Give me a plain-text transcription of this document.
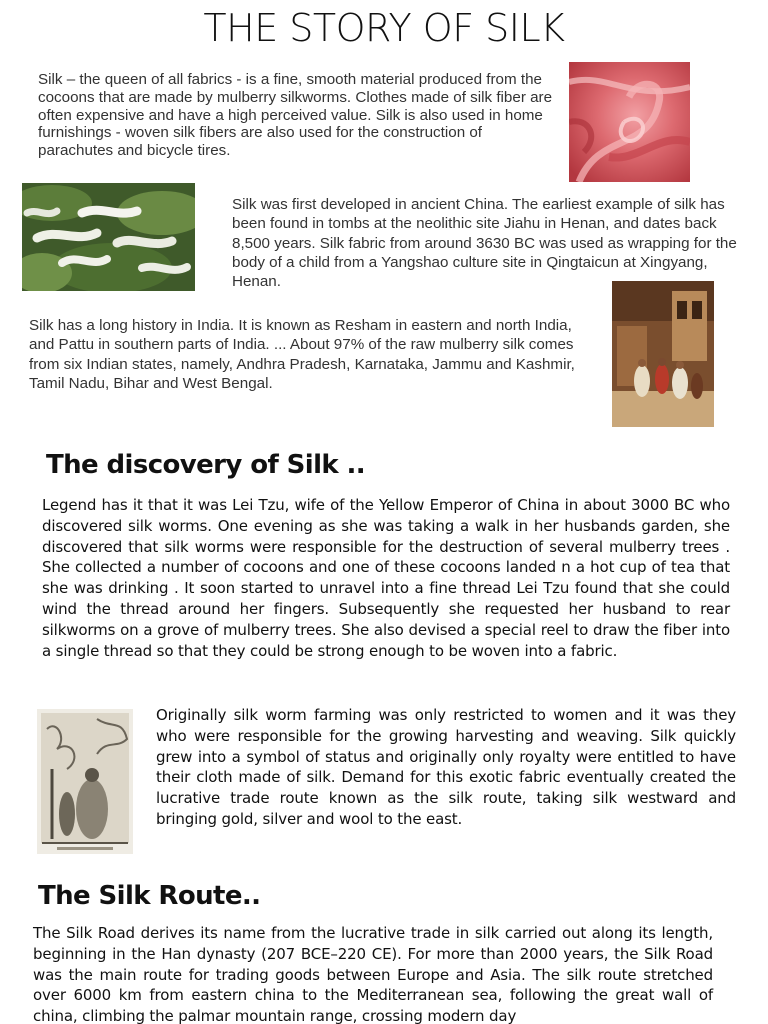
THE STORY OF SILK

Silk – the queen of all fabrics - is a fine, smooth material produced from the cocoons that are made by mulberry silkworms. Clothes made of silk fiber are often expensive and have a high perceived value. Silk is also used in home furnishings - woven silk fibers are also used for the construction of parachutes and bicycle tires.

Silk was first developed in ancient China. The earliest example of silk has been found in tombs at the neolithic site Jiahu in Henan, and dates back 8,500 years. Silk fabric from around 3630 BC was used as wrapping for the body of a child from a Yangshao culture site in Qingtaicun at Xingyang, Henan.

Silk has a long history in India. It is known as Resham in eastern and north India, and Pattu in southern parts of India. ... About 97% of the raw mulberry silk comes from six Indian states, namely, Andhra Pradesh, Karnataka, Jammu and Kashmir, Tamil Nadu, Bihar and West Bengal.

The discovery of Silk ..

Legend has it that it was Lei Tzu, wife of the Yellow Emperor of China in about 3000 BC who discovered silk worms. One evening as she was taking a walk in her husbands garden, she discovered that silk worms were responsible for the destruction of several mulberry trees . She collected a number of cocoons and one of these cocoons landed n a hot cup of tea that she was drinking . It soon started to unravel into a fine thread Lei Tzu found that she could wind the thread around her fingers. Subsequently she requested her husband to rear silkworms on a grove of mulberry trees. She also devised a special reel to draw the fiber into a single thread so that they could be strong enough to be woven into a fabric.

Originally silk worm farming was only restricted to women and it was they who were responsible for the growing harvesting and weaving. Silk quickly grew into a symbol of status and originally only royalty were entitled to have their cloth made of silk. Demand for this exotic fabric eventually created the lucrative trade route known as the silk route, taking silk westward and bringing gold, silver and wool to the east.

The Silk Route..

The Silk Road derives its name from the lucrative trade in silk carried out along its length, beginning in the Han dynasty (207 BCE–220 CE). For more than 2000 years, the Silk Road was the main route for trading goods between Europe and Asia. The silk route stretched over 6000 km from eastern china to the Mediterranean sea, following the great wall of china, climbing the palmar mountain range, crossing modern day
